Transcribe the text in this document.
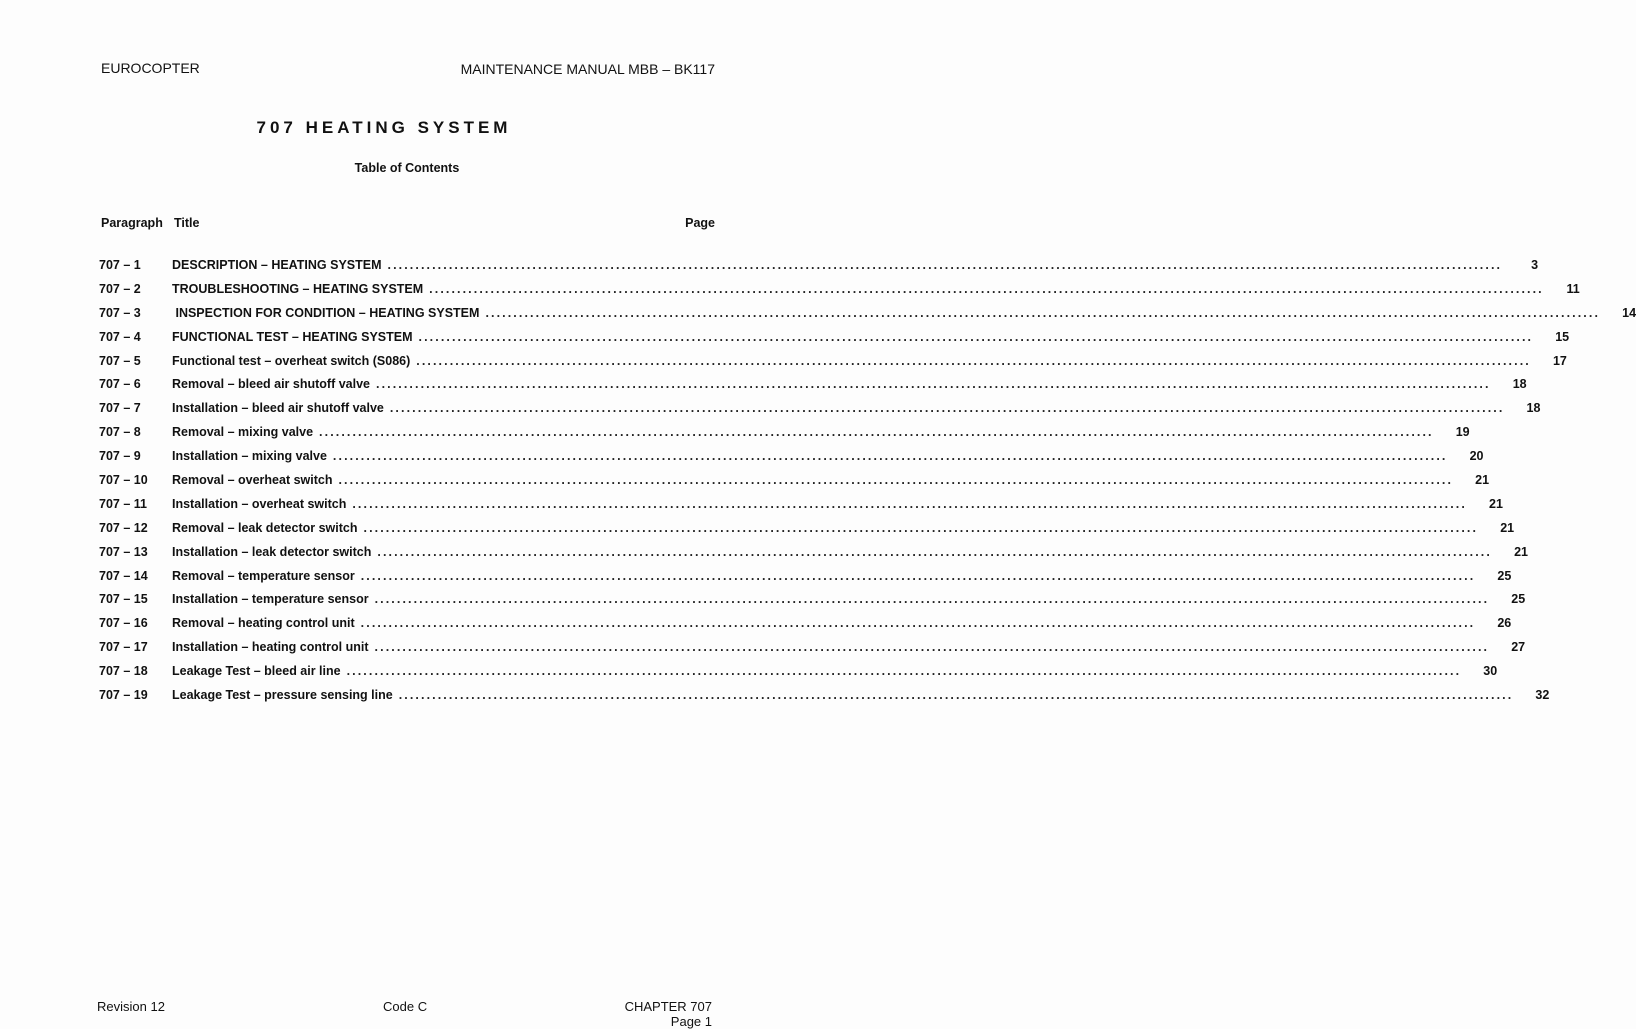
EUROCOPTER	MAINTENANCE MANUAL MBB – BK117
707 HEATING SYSTEM
Table of Contents
Paragraph Title	Page
707 – 1	DESCRIPTION – HEATING SYSTEM ........................................................................................................................................................................................................	3
707 – 2	TROUBLESHOOTING – HEATING SYSTEM ........................................................................................................................................................................................................	11
707 – 3	INSPECTION FOR CONDITION – HEATING SYSTEM ........................................................................................................................................................................................................	14
707 – 4	FUNCTIONAL TEST – HEATING SYSTEM ........................................................................................................................................................................................................	15
707 – 5	Functional test – overheat switch (S086) ........................................................................................................................................................................................................	17
707 – 6	Removal – bleed air shutoff valve ........................................................................................................................................................................................................	18
707 – 7	Installation – bleed air shutoff valve ........................................................................................................................................................................................................	18
707 – 8	Removal – mixing valve ........................................................................................................................................................................................................	19
707 – 9	Installation – mixing valve ........................................................................................................................................................................................................	20
707 – 10	Removal – overheat switch ........................................................................................................................................................................................................	21
707 – 11	Installation – overheat switch ........................................................................................................................................................................................................	21
707 – 12	Removal – leak detector switch ........................................................................................................................................................................................................	21
707 – 13	Installation – leak detector switch ........................................................................................................................................................................................................	21
707 – 14	Removal – temperature sensor ........................................................................................................................................................................................................	25
707 – 15	Installation – temperature sensor ........................................................................................................................................................................................................	25
707 – 16	Removal – heating control unit ........................................................................................................................................................................................................	26
707 – 17	Installation – heating control unit ........................................................................................................................................................................................................	27
707 – 18	Leakage Test – bleed air line ........................................................................................................................................................................................................	30
707 – 19	Leakage Test – pressure sensing line ........................................................................................................................................................................................................	32
Revision 12	Code C	CHAPTER 707
Page 1
